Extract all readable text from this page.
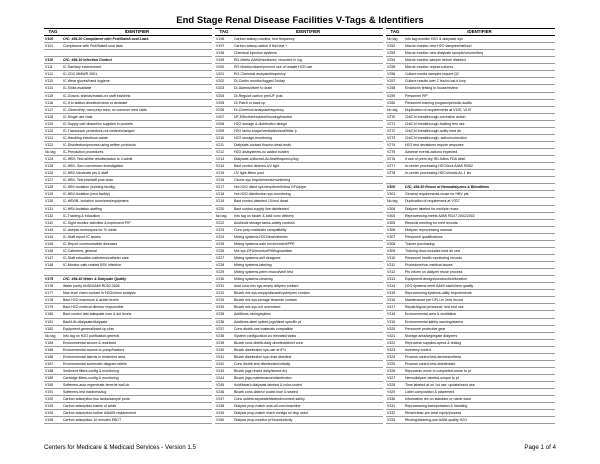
End Stage Renal Disease Facilities V-Tags & Identifiers
TAG	IDENTIFIER
V100	CfC: 494.20 Compliance with Fed/State/Local Laws
V101	Compliance with Fed/State/Local laws

V110	CfC: 494.30 Infection Control
V111	IC-Sanitary environment
V112	IC-CDC MMWR 2001
V113	IC-Wear gloves/hand hygiene
V114	IC-Sinks available
V115	IC-Gowns, shields/masks-no staff eat/drink
V116	IC-If to station-disinfect/clean or dedicate
V117	IC-Clean/dirty; med prep area; no common med carts
V118	IC-Single use vials
V119	IC-Supply cart distant/no supplies in pockets
V120	IC-Transducer protectors-not wetted/changed
V121	IC-Handling infectious waste
V122	IC-Disinfection/process using written protocols
No tag	IC-Precaution procedures
V124	IC-HBV- Test all/the results/status to 4 admit
V125	IC-HBV- Sero conversion investigation
V126	IC-HBV-Vaccinate pts & staff
V127	IC-HBV- Test pts/staff post dose
V128	IC-HBV-Isolation (existing facility)
V129	IC-HBV-Isolation (new facility)
V130	IC-HBV/B- Isolation room/area/equipment
V131	IC-HBV-Isolation-staffing
V132	IC-Training & education
V142	IC-Sight monitor activities & implement PIP
V143	IC-Aseptic techniques for IV meds
V144	IC-Staff report IC issues
V145	IC-Report communicable diseases
V146	IC-Catheters, general
V147	IC-Staff education-catheters/catheter care
V148	IC-Monitor cath-related BSI/ infection

V175	CfC: 494.40 Water & Dialysate Quality
V176	Water purity ANSI/AAMI RD52:2004
V177	Max level chem contam in H2O/chem analysis
V178	Bact H2O maximum & action levels
V179	Bact H2O medical director responsible
V180	Bact control test-adequate max & act levels
V181	Bact/LAL/dialysate/dialysate
V182	Equipment-general/back up plan
No tag	Info tag on H2O purification-general
V184	Environmental secure & restricted
V185	Environmental access to pump/heaters
V186	Environmental alarms in treatment area
V187	Environmental schematic diagram labels
V188	Sediment filters-config & monitoring
V189	Cartridge filters-config & monitoring
V190	Softeners-auto regenerate-timer/at wall ok
V191	Softeners-test hardness/log
V192	Carbon adsorption-two tanks/sample ports
V193	Carbon adsorption-banks of tanks
V194	Carbon adsorption-iodine #/AAMI replacement
V195	Carbon adsorption-10 minutes EBCT
TAG	IDENTIFIER
V196	Carbon adsorp-monitor, test frequency
V197	Carbon adsorp-action if first test +
V198	Chemical injection systems
V199	RO-Meets AAMI/monitored, recorded in log
V200	RO-Monitor/alarm/prevent use of unsafe H2O use
V201	RO-Chemical analysis/frequency
V202	DI-Contin monitor/logged 2x/day
V203	DI-Alarms/divert to drain
V204	DI-Regular carbon pre/UF post
V205	DI-Patch or back up
V206	DI-Chemical analysis/frequency
V207	UF-Effective/replace/housing/monitor
V208	H2O storage & distribution design
V209	H2O tanks-shape/ventilation/seal/filter p
V210	H2O storage-monitoring
V211	Dialysate-contact flow/no dead ends
V212	H2O distsystems-no added burden
V213	Dialysate-cultures/LAL/test/frequency/log
V214	Bact control devices-UV light
V215	UV light-filters post
V216	Ozone-sys requirements/monitoring
V217	Hot H2O disinf sys-temp/time/follow DFU/pipe
V218	Hot H2O disinfection sys-monitoring
V219	Bact control-disinfect 1X/mo/ dead
V220	Bact control-supply line disinfected
No tag	Info tag on bicarb & acid conc delivery
V222	Acid/bulk storage tanks-safety controls
V223	Conc prep-materials compatibility
V224	Mixing systems-H2O/drain/electric
V225	Mixing systems-safe environment/PPE
V226	Mix sys-DFU/monitor/PM/log/sanitize
V227	Mixing systems-self designed
V228	Mixing systems-labeling
V229	Mixing systems-perm record/verif test
V230	Mixing systems-cleaning
V231	Acid conc mix sys-empty at/tprev contam
V232	Bicarb mix sys-empty/discard/cycle/prev contam
V233	Bicarb mix sys-storage time/min contam
V234	Bicarb mix sys-not overmixed
V235	Additives-mixing/spikes
V236	Additives-label spiked jugs/label specific pt
V237	Conc distrib-use materials compatible
V238	System configuration-no elevated tanks
V239	Bicarb conc distrib-daily disinfect/disinf conc
V240	Bicarb distribution sys-use at IFU
V241	Bicarb distribution sys-rinse disinfect
V242	Conc distrib-test disinfectant initially
V243	Bicarb jugs rinsed daily/stored dry
V244	Bicarb jugs maintenance/disinfection
V245	Acid/bicarb dialysate labeled & color-coded
V246	Bicarb conc-date/or coded blue & sealed
V247	Conc outlets-separate/labeled/connect safely
V248	Dialysis prop-match outs-all conc/machine
V249	Dialysis prop-match mach configs w/ disp used
V250	Dialysis prop-monitor pH/conductivity
TAG	IDENTIFIER
No tag	Info tag-monitor H2O & dialysate sys
V252	Microb monitor-new H2O samples/method
V253	Microb monitor-new dialysate sample/volume/freq
V254	Microb monitor-sample before disinfect
V255	Microb monitor-repeat cultures
V256	Culture media samples require QC
V257	Culture results over 2 hrs/no cat-it loop
V258	Endotoxin testing in house/review
V259	Personnel PIP
V260	Personnel-training program/periodic audits
No tag	Duplication of requirements at V192, V197
V270	Chl/Chl breakthrough-corrective action
V271	Chl/Chl breakthrough-holding test use
V272	Chl/Chl breakthrough-notify med dir
V273	Chl/Chl breakthrough- action/correction
V274	H2O test deviations require response
V275	Adverse events-actions expected
V276	If use of prem dry HD-follow FDA label
V277	In-center processing-HDCheck AAMI RD52
V278	In-center processing-HDCulturals AL-1 lev

V300	CfC: 494.50 Reuse of Hemodialyzers & Bloodlines
V301	General requirements-reuse for HBV pts
No tag	Duplication of requirement at V327
V306	Dialyzer labeled for multiple reuse
V304	Reprocessing-meets AAMI RD47 2002/2002
V305	Records meeting for med records
V306	Dialyzer reprocessing manual
V307	Personnel qualifications
V308	Trainer purchasing
V309	Training docs-includes med dir cert
V310	Personnel health monitoring records
V311	Procedure/non-medical issues
V312	Pts inform on dialyzer reuse process
V313	Equipment-design/construction/function
V314	H2O systems meet AAMI bact/chem quality
V315	Reprocessing systems-utility requirements
V316	Maintenance per DFU or 2x/w record
V317	Repair/signal personnel; test end use
V318	Environmental-area & ventilation
V319	Environmental safety warning/alarms
V320	Personnel protective gear
V321	Storage area/segregate dialyzers
V322	Reprocess supplies-specs & testing
V323	Inventory control
V324	Process control test-devices/criteria
V325	Process control test-disinfectant
V326	Reprocess move to completed-reuse to pt
V327	Hemodialyzer labeled-unique to pt
V328	Time labeled at on 1st use, update/each use
V329	Label composition & placement
V330	Information rec on standard or name warn
V331	Reprocessing-transportation & handling
V332	Rinse/clean-pre-treat equip/process
V333	Rinsing/cleaning-use AAMI quality H2O
Centers for Medicare & Medicaid Services - Version 1.5	Page 1 of 4
